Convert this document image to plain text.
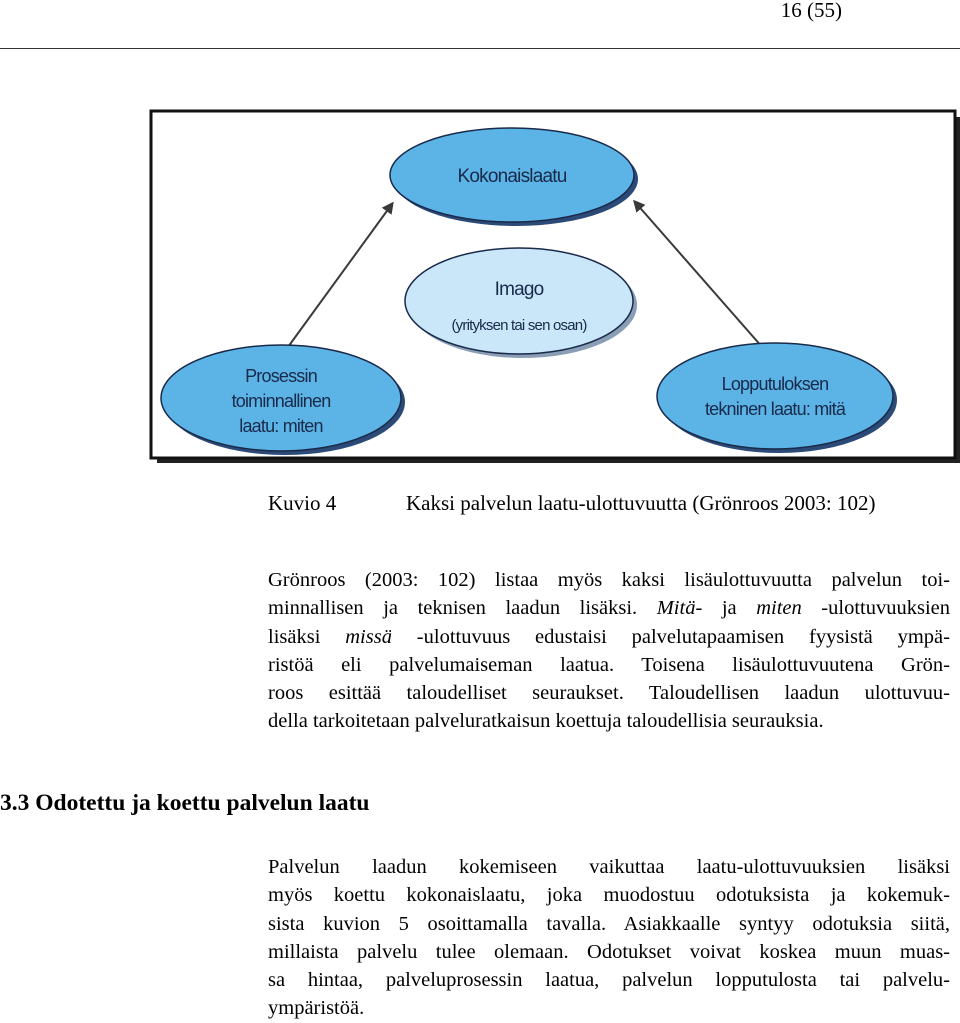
16 (55)
Kokonaislaatu
Imago
(yrityksen tai sen osan)
Prosessin
toiminnallinen
laatu: miten
Lopputuloksen
tekninen laatu: mitä
Kuvio 4	Kaksi palvelun laatu-ulottuvuutta (Grönroos 2003: 102)
Grönroos (2003: 102) listaa myös kaksi lisäulottuvuutta palvelun toi-
minnallisen ja teknisen laadun lisäksi. Mitä- ja miten -ulottuvuuksien
lisäksi missä -ulottuvuus edustaisi palvelutapaamisen fyysistä ympä-
ristöä eli palvelumaiseman laatua. Toisena lisäulottuvuutena Grön-
roos esittää taloudelliset seuraukset. Taloudellisen laadun ulottuvuu-
della tarkoitetaan palveluratkaisun koettuja taloudellisia seurauksia.
3.3 Odotettu ja koettu palvelun laatu
Palvelun laadun kokemiseen vaikuttaa laatu-ulottuvuuksien lisäksi
myös koettu kokonaislaatu, joka muodostuu odotuksista ja kokemuk-
sista kuvion 5 osoittamalla tavalla. Asiakkaalle syntyy odotuksia siitä,
millaista palvelu tulee olemaan. Odotukset voivat koskea muun muas-
sa hintaa, palveluprosessin laatua, palvelun lopputulosta tai palvelu-
ympäristöä.
